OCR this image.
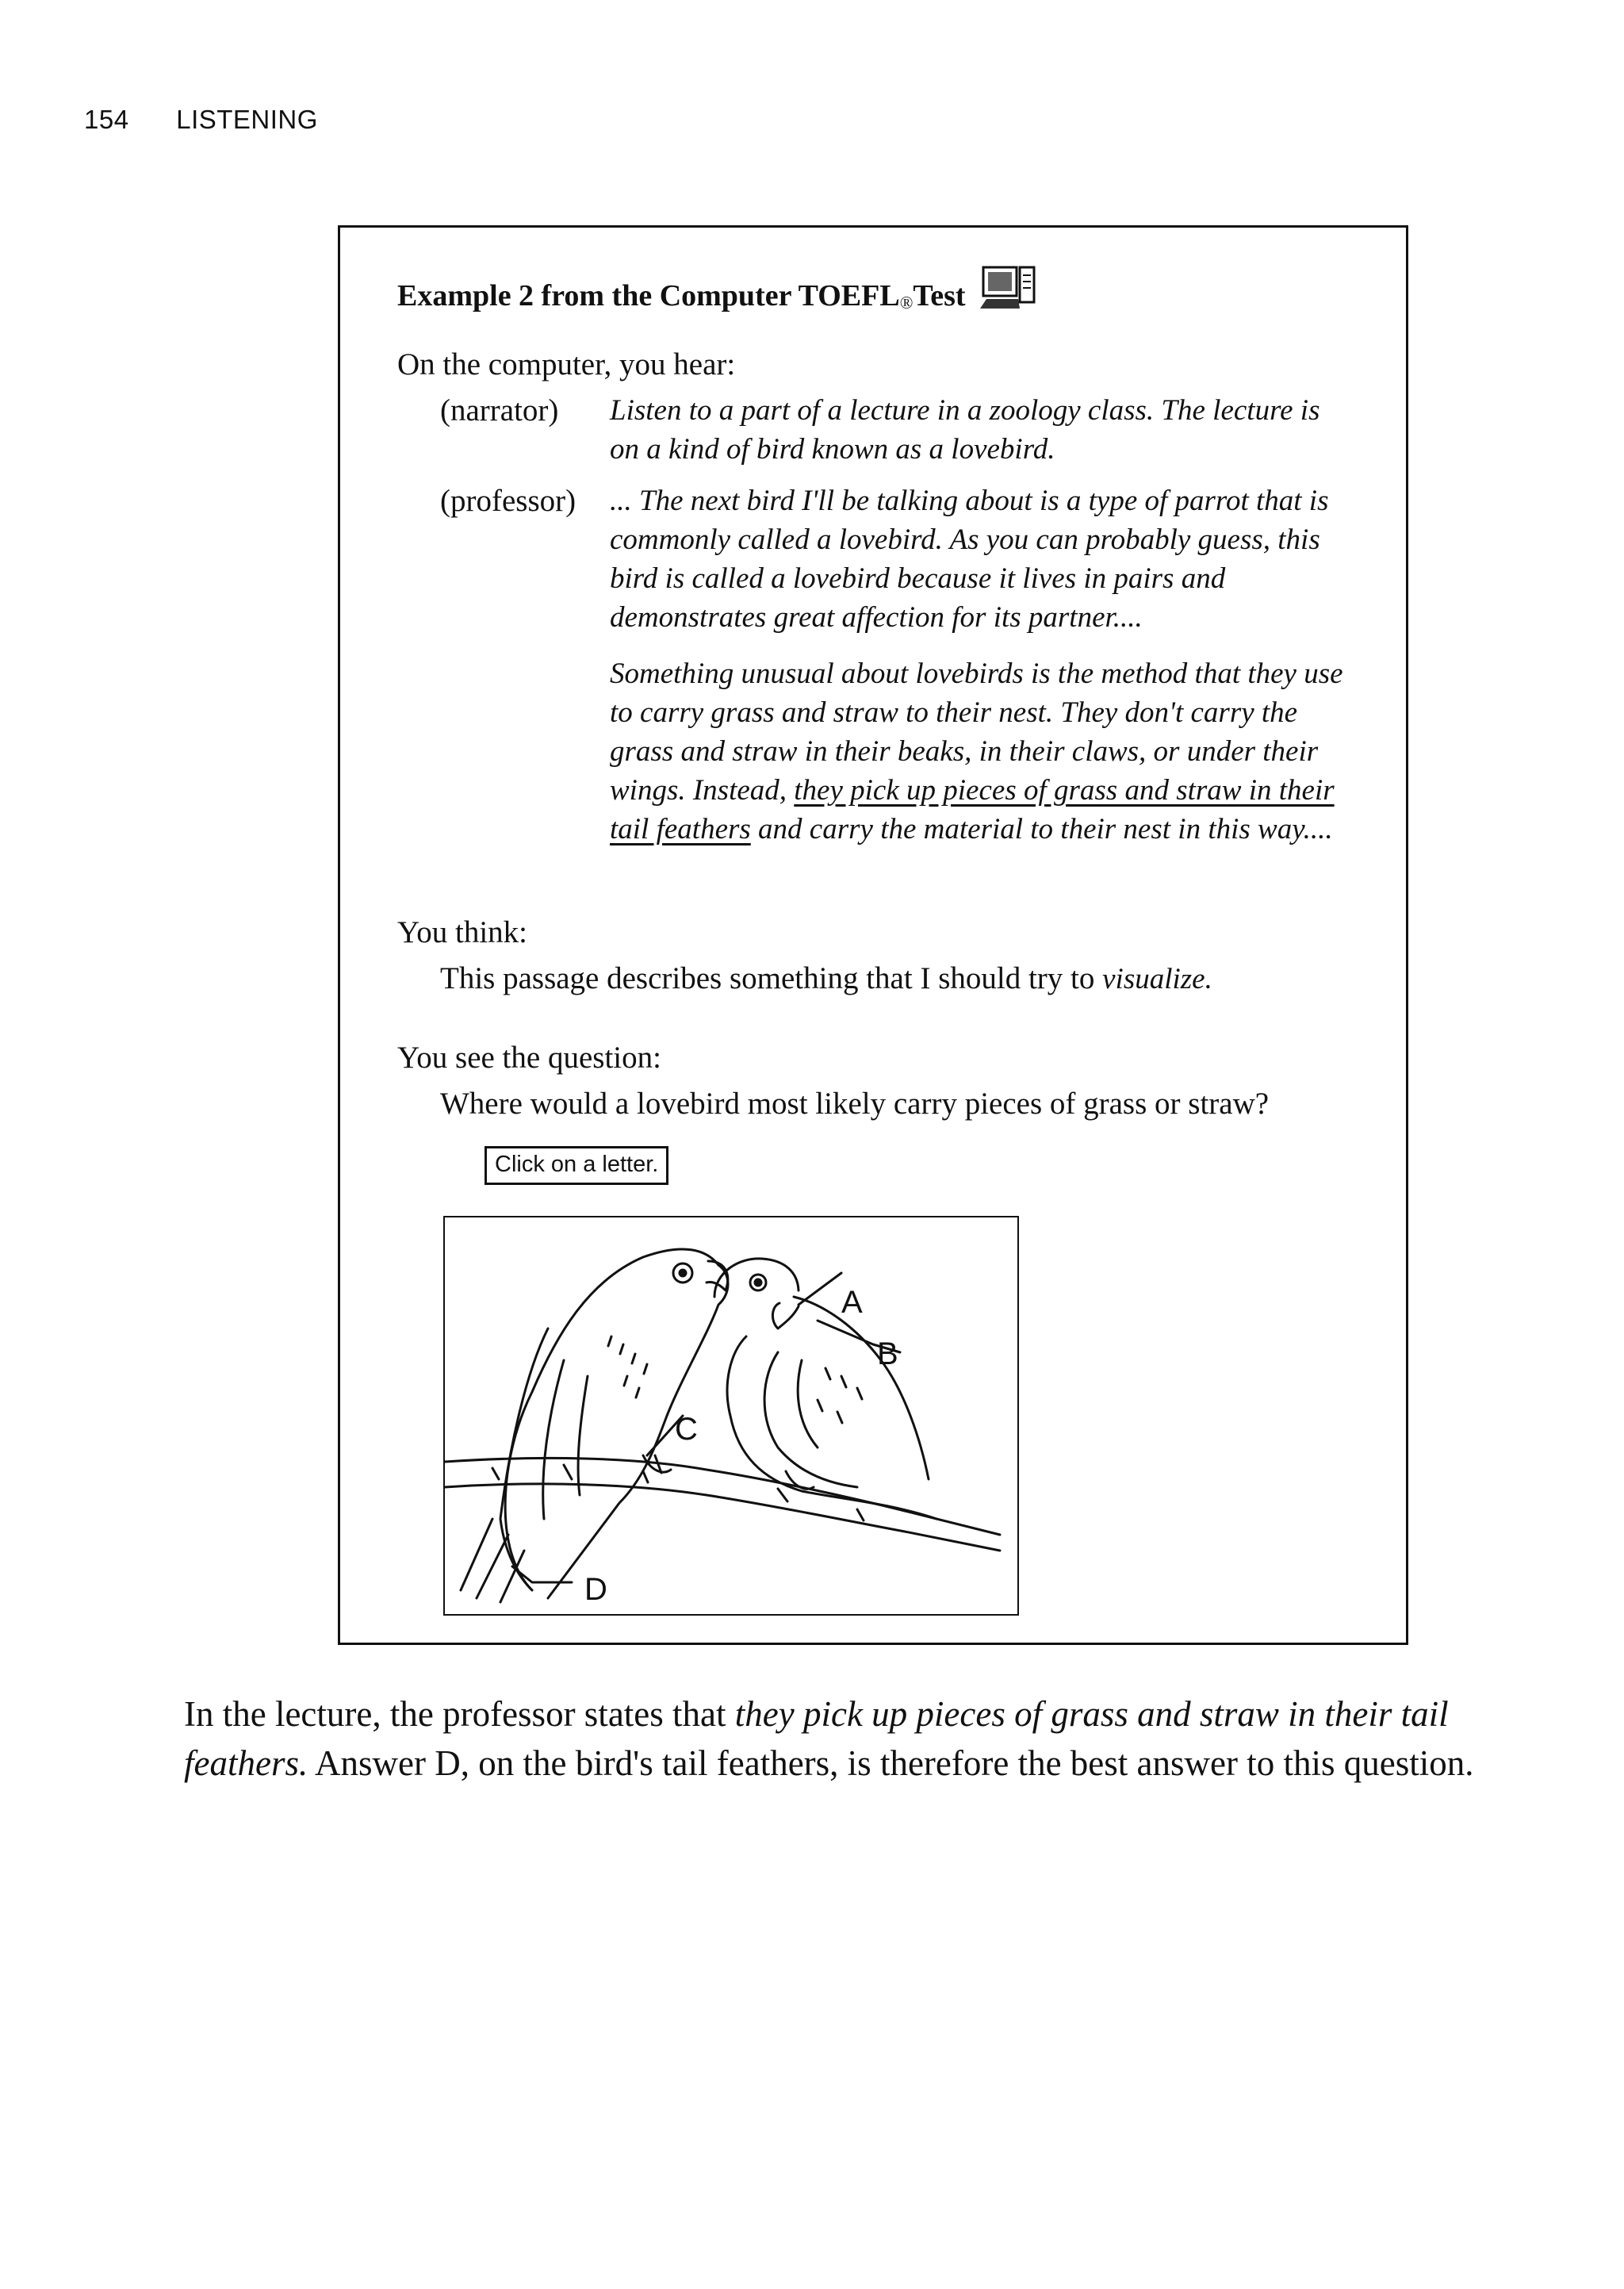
154 LISTENING
Example 2 from the Computer $TOEFL_®$ Test
On the computer, you hear:
(narrator) Listen to a part of a lecture in a zoology class. The lecture is on a kind of bird known as a lovebird.
(professor) ... The next bird I'll be talking about is a type of parrot that is commonly called a lovebird. As you can probably guess, this bird is called a lovebird because it lives in pairs and demonstrates great affection for its partner....
Something unusual about lovebirds is the method that they use to carry grass and straw to their nest. They don't carry the grass and straw in their beaks, in their claws, or under their wings. Instead, they pick up pieces of grass and straw in their tail feathers and carry the material to their nest in this way....
You think:
This passage describes something that I should try to visualize.
You see the question:
Where would a lovebird most likely carry pieces of grass or straw?
Click on a letter.
A
B
C
D
In the lecture, the professor states that they pick up pieces of grass and straw in their tail feathers. Answer D, on the bird's tail feathers, is therefore the best answer to this question.
